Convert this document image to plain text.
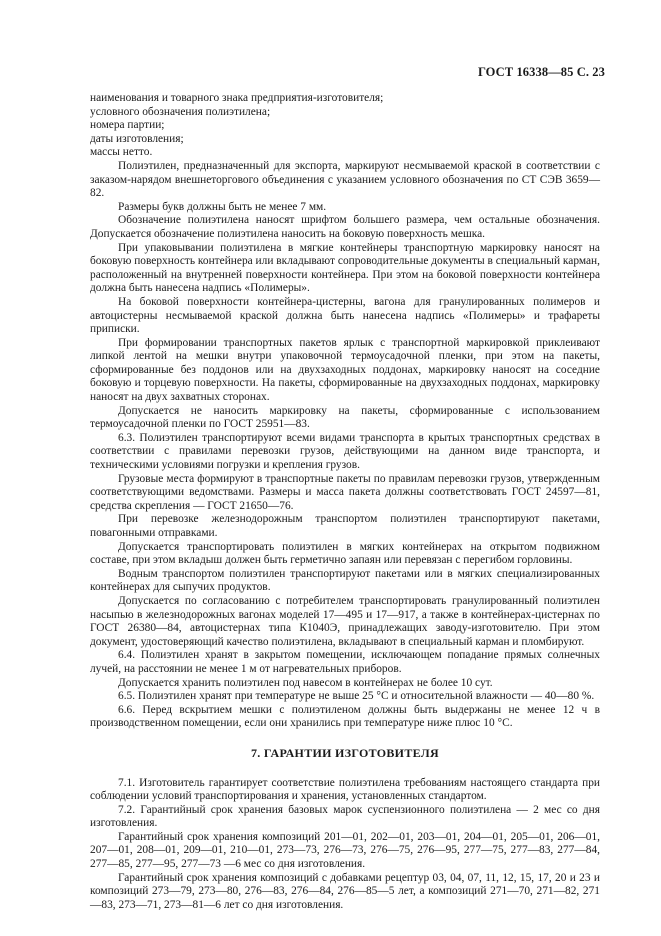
ГОСТ 16338—85 С. 23

наименования и товарного знака предприятия-изготовителя;

условного обозначения полиэтилена;

номера партии;

даты изготовления;

массы нетто.

Полиэтилен, предназначенный для экспорта, маркируют несмываемой краской в соответствии с заказом-нарядом внешнеторгового объединения с указанием условного обозначения по СТ СЭВ 3659—82.

Размеры букв должны быть не менее 7 мм.

Обозначение полиэтилена наносят шрифтом большего размера, чем остальные обозначения. Допускается обозначение полиэтилена наносить на боковую поверхность мешка.

При упаковывании полиэтилена в мягкие контейнеры транспортную маркировку наносят на боковую поверхность контейнера или вкладывают сопроводительные документы в специальный карман, расположенный на внутренней поверхности контейнера. При этом на боковой поверхности контейнера должна быть нанесена надпись «Полимеры».

На боковой поверхности контейнера-цистерны, вагона для гранулированных полимеров и автоцистерны несмываемой краской должна быть нанесена надпись «Полимеры» и трафареты приписки.

При формировании транспортных пакетов ярлык с транспортной маркировкой приклеивают липкой лентой на мешки внутри упаковочной термоусадочной пленки, при этом на пакеты, сформированные без поддонов или на двухзаходных поддонах, маркировку наносят на соседние боковую и торцевую поверхности. На пакеты, сформированные на двухзаходных поддонах, маркировку наносят на двух захватных сторонах.

Допускается не наносить маркировку на пакеты, сформированные с использованием термоусадочной пленки по ГОСТ 25951—83.

6.3. Полиэтилен транспортируют всеми видами транспорта в крытых транспортных средствах в соответствии с правилами перевозки грузов, действующими на данном виде транспорта, и техническими условиями погрузки и крепления грузов.

Грузовые места формируют в транспортные пакеты по правилам перевозки грузов, утвержденным соответствующими ведомствами. Размеры и масса пакета должны соответствовать ГОСТ 24597—81, средства скрепления — ГОСТ 21650—76.

При перевозке железнодорожным транспортом полиэтилен транспортируют пакетами, повагонными отправками.

Допускается транспортировать полиэтилен в мягких контейнерах на открытом подвижном составе, при этом вкладыш должен быть герметично запаян или перевязан с перегибом горловины.

Водным транспортом полиэтилен транспортируют пакетами или в мягких специализированных контейнерах для сыпучих продуктов.

Допускается по согласованию с потребителем транспортировать гранулированный полиэтилен насыпью в железнодорожных вагонах моделей 17—495 и 17—917, а также в контейнерах-цистернах по ГОСТ 26380—84, автоцистернах типа К1040Э, принадлежащих заводу-изготовителю. При этом документ, удостоверяющий качество полиэтилена, вкладывают в специальный карман и пломбируют.

6.4. Полиэтилен хранят в закрытом помещении, исключающем попадание прямых солнечных лучей, на расстоянии не менее 1 м от нагревательных приборов.

Допускается хранить полиэтилен под навесом в контейнерах не более 10 сут.

6.5. Полиэтилен хранят при температуре не выше 25 °С и относительной влажности — 40—80 %.

6.6. Перед вскрытием мешки с полиэтиленом должны быть выдержаны не менее 12 ч в производственном помещении, если они хранились при температуре ниже плюс 10 °С.

7. ГАРАНТИИ ИЗГОТОВИТЕЛЯ

7.1. Изготовитель гарантирует соответствие полиэтилена требованиям настоящего стандарта при соблюдении условий транспортирования и хранения, установленных стандартом.

7.2. Гарантийный срок хранения базовых марок суспензионного полиэтилена — 2 мес со дня изготовления.

Гарантийный срок хранения композиций 201—01, 202—01, 203—01, 204—01, 205—01, 206—01, 207—01, 208—01, 209—01, 210—01, 273—73, 276—73, 276—75, 276—95, 277—75, 277—83, 277—84, 277—85, 277—95, 277—73 —6 мес со дня изготовления.

Гарантийный срок хранения композиций с добавками рецептур 03, 04, 07, 11, 12, 15, 17, 20 и 23 и композиций 273—79, 273—80, 276—83, 276—84, 276—85—5 лет, а композиций 271—70, 271—82, 271—83, 273—71, 273—81—6 лет со дня изготовления.
